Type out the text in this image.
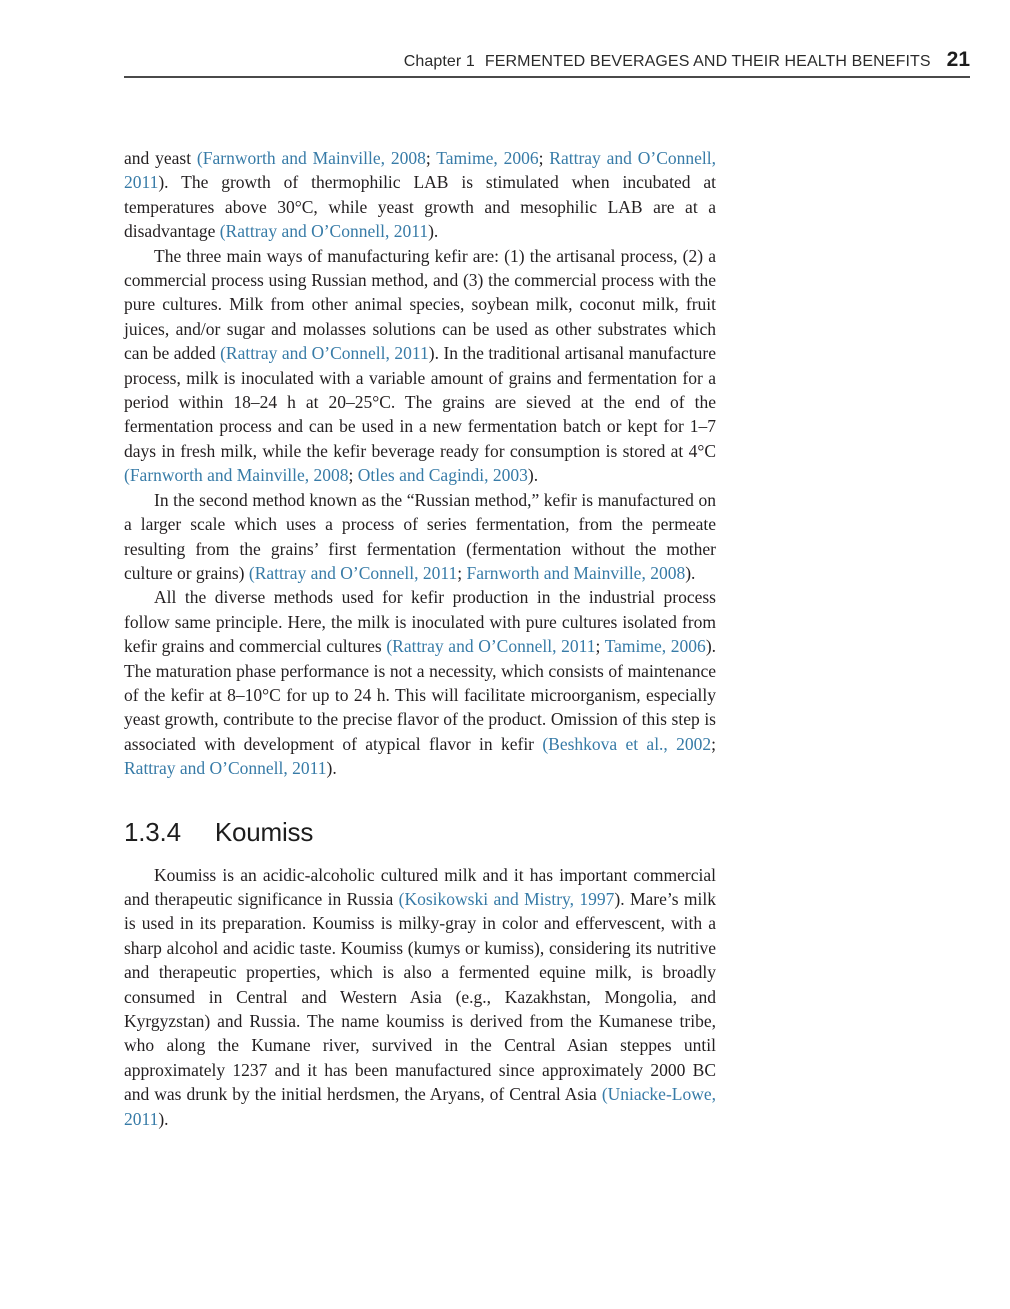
Chapter 1 FERMENTED BEVERAGES AND THEIR HEALTH BENEFITS 21

and yeast (Farnworth and Mainville, 2008; Tamime, 2006; Rattray and O’Connell, 2011). The growth of thermophilic LAB is stimulated when incubated at temperatures above 30°C, while yeast growth and mesophilic LAB are at a disadvantage (Rattray and O’Connell, 2011).

The three main ways of manufacturing kefir are: (1) the artisanal process, (2) a commercial process using Russian method, and (3) the commercial process with the pure cultures. Milk from other animal species, soybean milk, coconut milk, fruit juices, and/or sugar and molasses solutions can be used as other substrates which can be added (Rattray and O’Connell, 2011). In the traditional artisanal manufacture process, milk is inoculated with a variable amount of grains and fermentation for a period within 18–24 h at 20–25°C. The grains are sieved at the end of the fermentation process and can be used in a new fermentation batch or kept for 1–7 days in fresh milk, while the kefir beverage ready for consumption is stored at 4°C (Farnworth and Mainville, 2008; Otles and Cagindi, 2003).

In the second method known as the “Russian method,” kefir is manufactured on a larger scale which uses a process of series fermentation, from the permeate resulting from the grains’ first fermentation (fermentation without the mother culture or grains) (Rattray and O’Connell, 2011; Farnworth and Mainville, 2008).

All the diverse methods used for kefir production in the industrial process follow same principle. Here, the milk is inoculated with pure cultures isolated from kefir grains and commercial cultures (Rattray and O’Connell, 2011; Tamime, 2006). The maturation phase performance is not a necessity, which consists of maintenance of the kefir at 8–10°C for up to 24 h. This will facilitate microorganism, especially yeast growth, contribute to the precise flavor of the product. Omission of this step is associated with development of atypical flavor in kefir (Beshkova et al., 2002; Rattray and O’Connell, 2011).

1.3.4 Koumiss

Koumiss is an acidic-alcoholic cultured milk and it has important commercial and therapeutic significance in Russia (Kosikowski and Mistry, 1997). Mare’s milk is used in its preparation. Koumiss is milky-gray in color and effervescent, with a sharp alcohol and acidic taste. Koumiss (kumys or kumiss), considering its nutritive and therapeutic properties, which is also a fermented equine milk, is broadly consumed in Central and Western Asia (e.g., Kazakhstan, Mongolia, and Kyrgyzstan) and Russia. The name koumiss is derived from the Kumanese tribe, who along the Kumane river, survived in the Central Asian steppes until approximately 1237 and it has been manufactured since approximately 2000 BC and was drunk by the initial herdsmen, the Aryans, of Central Asia (Uniacke-Lowe, 2011).
